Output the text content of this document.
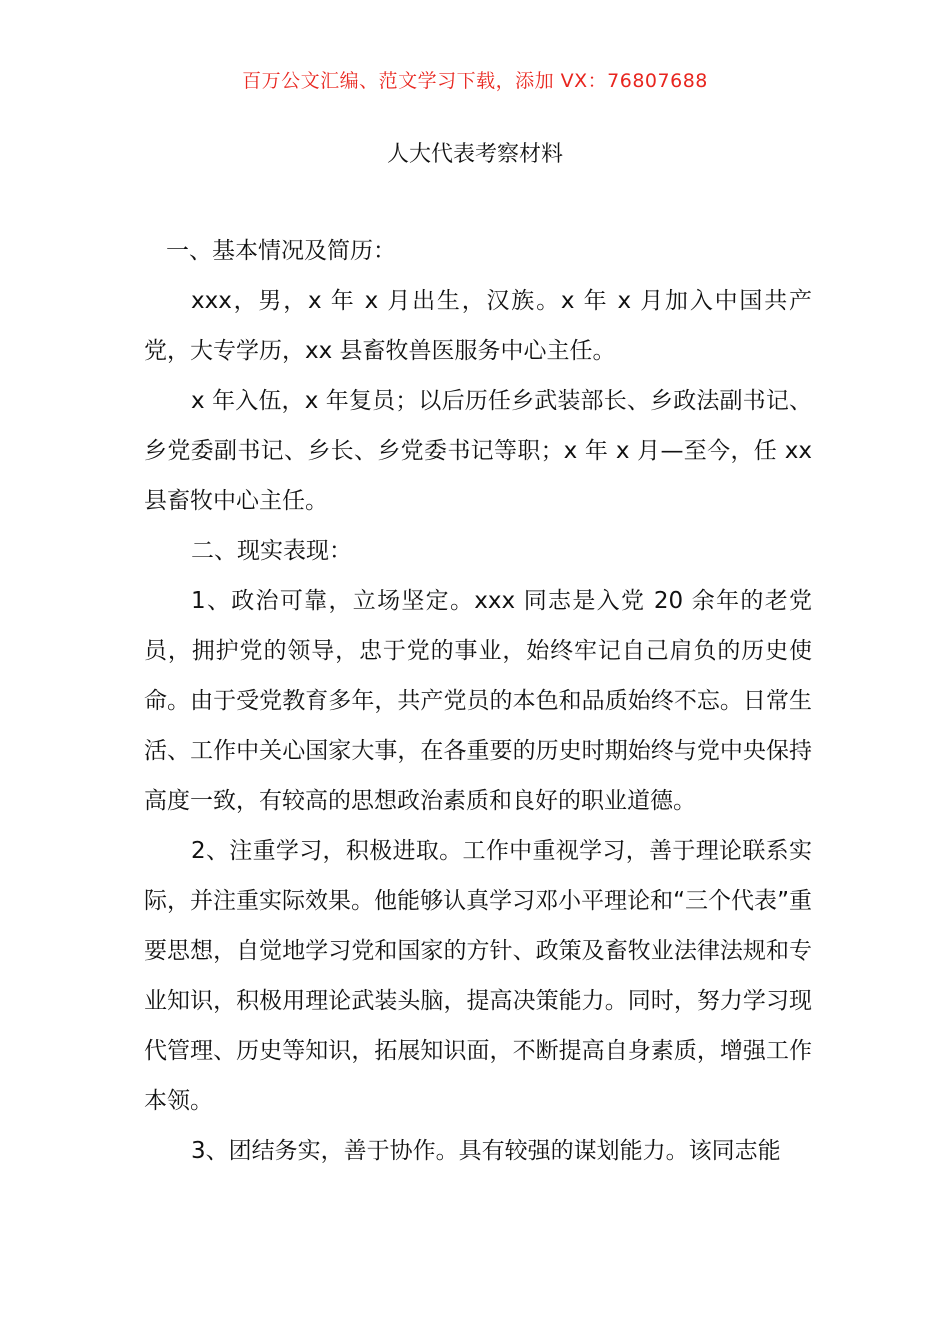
百万公文汇编、范文学习下载，添加 VX：76807688
人大代表考察材料

一、基本情况及简历：

xxx，男，x 年 x 月出生，汉族。x 年 x 月加入中国共产党，大专学历，xx 县畜牧兽医服务中心主任。

x 年入伍，x 年复员；以后历任乡武装部长、乡政法副书记、乡党委副书记、乡长、乡党委书记等职；x 年 x 月—至今，任 xx 县畜牧中心主任。

二、现实表现：

1、政治可靠，立场坚定。xxx 同志是入党 20 余年的老党员，拥护党的领导，忠于党的事业，始终牢记自己肩负的历史使命。由于受党教育多年，共产党员的本色和品质始终不忘。日常生活、工作中关心国家大事，在各重要的历史时期始终与党中央保持高度一致，有较高的思想政治素质和良好的职业道德。

2、注重学习，积极进取。工作中重视学习，善于理论联系实际，并注重实际效果。他能够认真学习邓小平理论和“三个代表”重要思想，自觉地学习党和国家的方针、政策及畜牧业法律法规和专业知识，积极用理论武装头脑，提高决策能力。同时，努力学习现代管理、历史等知识，拓展知识面，不断提高自身素质，增强工作本领。

3、团结务实，善于协作。具有较强的谋划能力。该同志能
